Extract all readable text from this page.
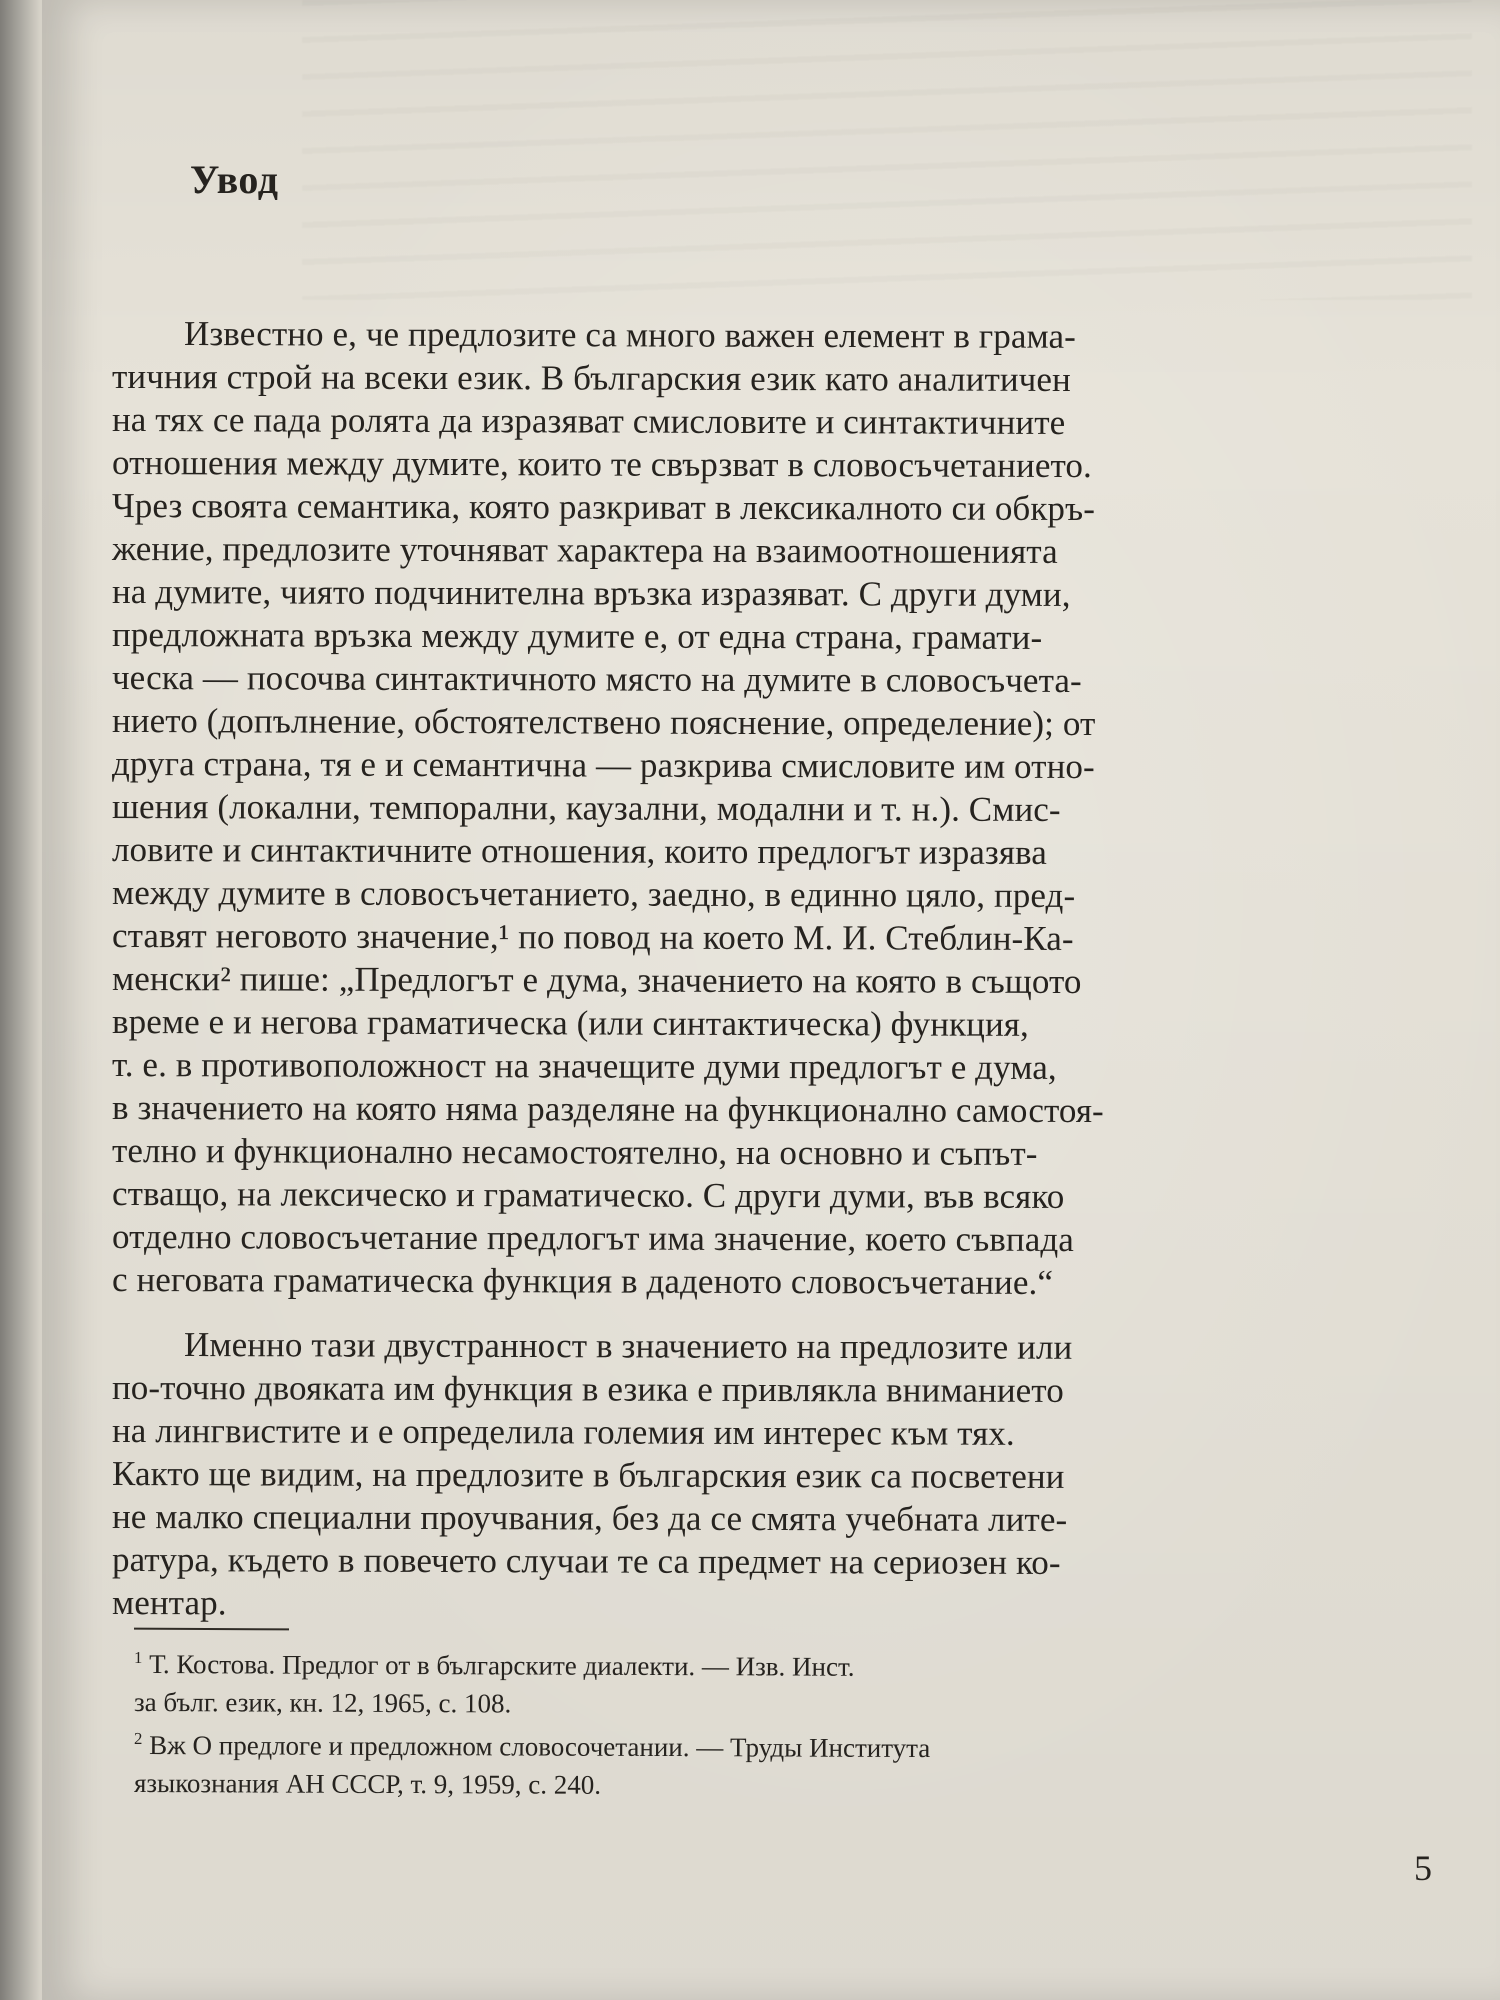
Увод

Известно е, че предлозите са много важен елемент в грама-

тичния строй на всеки език. В българския език като аналитичен

на тях се пада ролята да изразяват смисловите и синтактичните

отношения между думите, които те свързват в словосъчетанието.

Чрез своята семантика, която разкриват в лексикалното си обкръ-

жение, предлозите уточняват характера на взаимоотношенията

на думите, чиято подчинителна връзка изразяват. С други думи,

предложната връзка между думите е, от една страна, грамати-

ческа — посочва синтактичното място на думите в словосъчета-

нието (допълнение, обстоятелствено пояснение, определение); от

друга страна, тя е и семантична — разкрива смисловите им отно-

шения (локални, темпорални, каузални, модални и т. н.). Смис-

ловите и синтактичните отношения, които предлогът изразява

между думите в словосъчетанието, заедно, в единно цяло, пред-

ставят неговото значение,¹ по повод на което М. И. Стеблин-Ка-

менски² пише: „Предлогът е дума, значението на която в същото

време е и негова граматическа (или синтактическа) функция,

т. е. в противоположност на значещите думи предлогът е дума,

в значението на която няма разделяне на функционално самостоя-

телно и функционално несамостоятелно, на основно и съпът-

стващо, на лексическо и граматическо. С други думи, във всяко

отделно словосъчетание предлогът има значение, което съвпада

с неговата граматическа функция в даденото словосъчетание.“

Именно тази двустранност в значението на предлозите или

по-точно двояката им функция в езика е привлякла вниманието

на лингвистите и е определила големия им интерес към тях.

Както ще видим, на предлозите в българския език са посветени

не малко специални проучвания, без да се смята учебната лите-

ратура, където в повечето случаи те са предмет на сериозен ко-

ментар.

$^1$ Т. Костова. Предлог от в българските диалекти. — Изв. Инст.

за бълг. език, кн. 12, 1965, с. 108.

$^2$ Вж О предлоге и предложном словосочетании. — Труды Института

языкознания АН СССР, т. 9, 1959, с. 240.

5
